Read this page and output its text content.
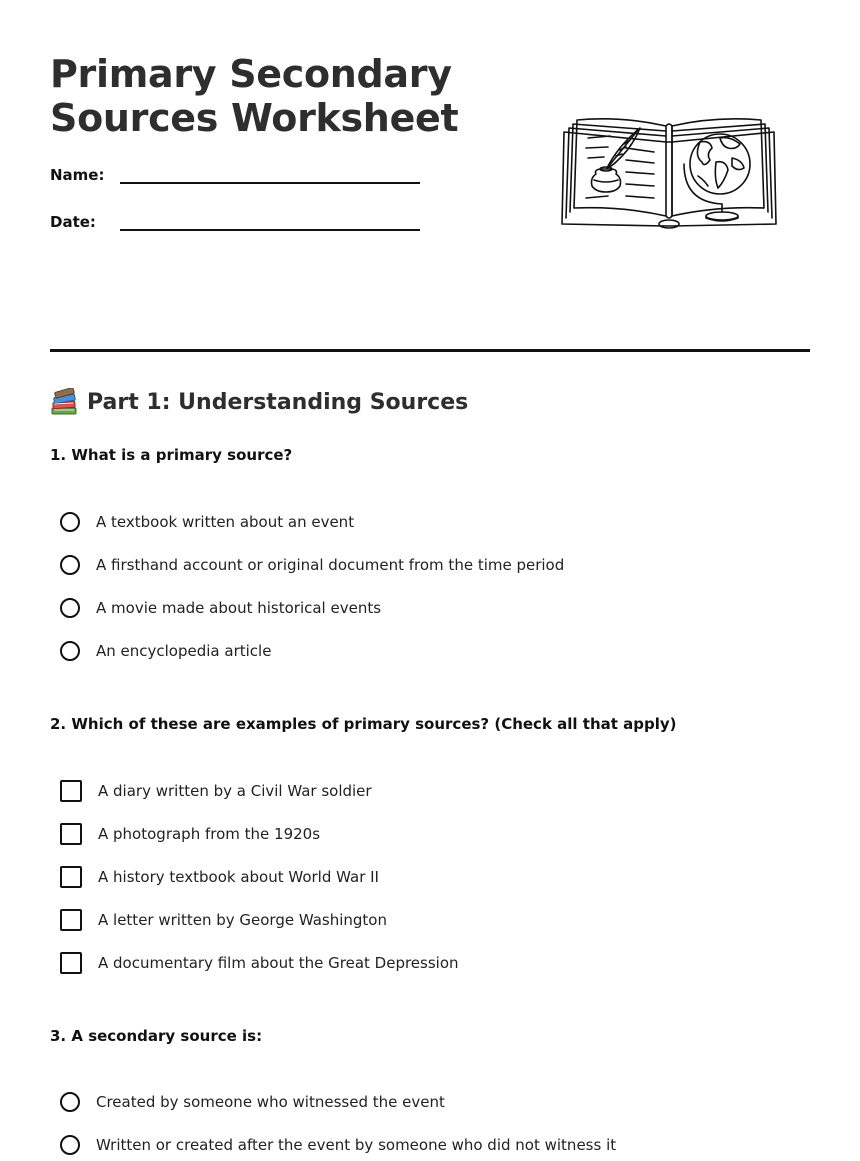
Primary Secondary
Sources Worksheet
Name:
Date:
Part 1: Understanding Sources
1. What is a primary source?
A textbook written about an event
A firsthand account or original document from the time period
A movie made about historical events
An encyclopedia article
2. Which of these are examples of primary sources? (Check all that apply)
A diary written by a Civil War soldier
A photograph from the 1920s
A history textbook about World War II
A letter written by George Washington
A documentary film about the Great Depression
3. A secondary source is:
Created by someone who witnessed the event
Written or created after the event by someone who did not witness it
